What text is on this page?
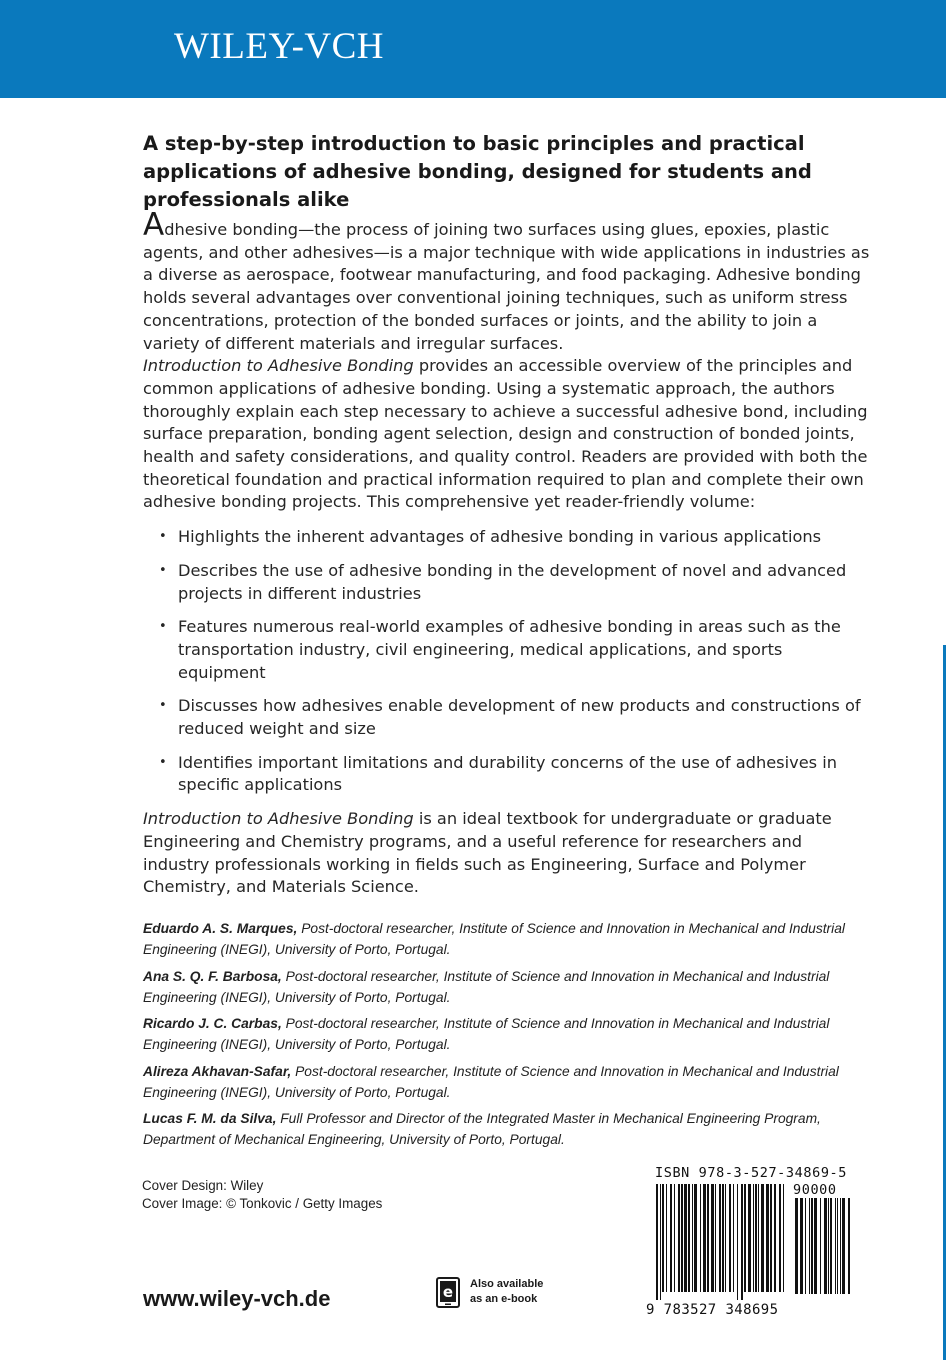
WILEY-VCH
A step-by-step introduction to basic principles and practical applications of adhesive bonding, designed for students and professionals alike

Adhesive bonding—the process of joining two surfaces using glues, epoxies, plastic agents, and other adhesives—is a major technique with wide applications in industries as a diverse as aerospace, footwear manufacturing, and food packaging. Adhesive bonding holds several advantages over conventional joining techniques, such as uniform stress concentrations, protection of the bonded surfaces or joints, and the ability to join a variety of different materials and irregular surfaces.

Introduction to Adhesive Bonding provides an accessible overview of the principles and common applications of adhesive bonding. Using a systematic approach, the authors thoroughly explain each step necessary to achieve a successful adhesive bond, including surface preparation, bonding agent selection, design and construction of bonded joints, health and safety considerations, and quality control. Readers are provided with both the theoretical foundation and practical information required to plan and complete their own adhesive bonding projects. This comprehensive yet reader-friendly volume:

• Highlights the inherent advantages of adhesive bonding in various applications
• Describes the use of adhesive bonding in the development of novel and advanced projects in different industries
• Features numerous real-world examples of adhesive bonding in areas such as the transportation industry, civil engineering, medical applications, and sports equipment
• Discusses how adhesives enable development of new products and constructions of reduced weight and size
• Identifies important limitations and durability concerns of the use of adhesives in specific applications

Introduction to Adhesive Bonding is an ideal textbook for undergraduate or graduate Engineering and Chemistry programs, and a useful reference for researchers and industry professionals working in fields such as Engineering, Surface and Polymer Chemistry, and Materials Science.

Eduardo A. S. Marques, Post-doctoral researcher, Institute of Science and Innovation in Mechanical and Industrial Engineering (INEGI), University of Porto, Portugal.

Ana S. Q. F. Barbosa, Post-doctoral researcher, Institute of Science and Innovation in Mechanical and Industrial Engineering (INEGI), University of Porto, Portugal.

Ricardo J. C. Carbas, Post-doctoral researcher, Institute of Science and Innovation in Mechanical and Industrial Engineering (INEGI), University of Porto, Portugal.

Alireza Akhavan-Safar, Post-doctoral researcher, Institute of Science and Innovation in Mechanical and Industrial Engineering (INEGI), University of Porto, Portugal.

Lucas F. M. da Silva, Full Professor and Director of the Integrated Master in Mechanical Engineering Program, Department of Mechanical Engineering, University of Porto, Portugal.

Cover Design: Wiley
Cover Image: © Tonkovic / Getty Images
www.wiley-vch.de	e Also available
as an e-book
ISBN 978-3-527-34869-5
90000
9 783527 348695
